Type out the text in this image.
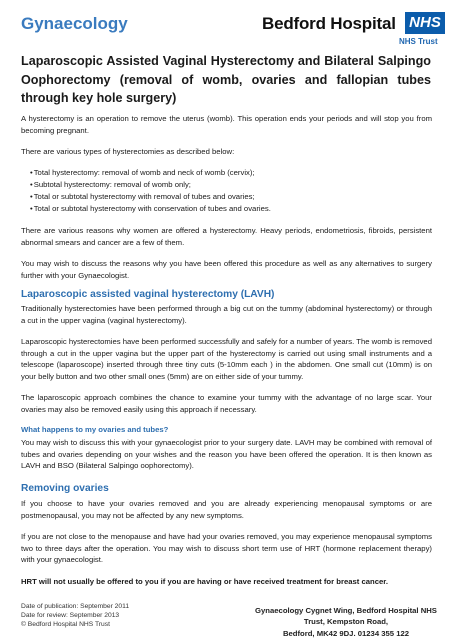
Gynaecology	Bedford Hospital NHS
NHS Trust
Laparoscopic Assisted Vaginal Hysterectomy and Bilateral Salpingo Oophorectomy (removal of womb, ovaries and fallopian tubes through key hole surgery)

A hysterectomy is an operation to remove the uterus (womb). This operation ends your periods and will stop you from becoming pregnant.

There are various types of hysterectomies as described below:

• Total hysterectomy: removal of womb and neck of womb (cervix);
• Subtotal hysterectomy: removal of womb only;
• Total or subtotal hysterectomy with removal of tubes and ovaries;
• Total or subtotal hysterectomy with conservation of tubes and ovaries.

There are various reasons why women are offered a hysterectomy. Heavy periods, endometriosis, fibroids, persistent abnormal smears and cancer are a few of them.

You may wish to discuss the reasons why you have been offered this procedure as well as any alternatives to surgery further with your Gynaecologist.

Laparoscopic assisted vaginal hysterectomy (LAVH)

Traditionally hysterectomies have been performed through a big cut on the tummy (abdominal hysterectomy) or through a cut in the upper vagina (vaginal hysterectomy).

Laparoscopic hysterectomies have been performed successfully and safely for a number of years. The womb is removed through a cut in the upper vagina but the upper part of the hysterectomy is carried out using small instruments and a telescope (laparoscope) inserted through three tiny cuts (5-10mm each ) in the abdomen. One small cut (10mm) is on your belly button and two other small ones (5mm) are on either side of your tummy.

The laparoscopic approach combines the chance to examine your tummy with the advantage of no large scar. Your ovaries may also be removed easily using this approach if necessary.

What happens to my ovaries and tubes?

You may wish to discuss this with your gynaecologist prior to your surgery date. LAVH may be combined with removal of tubes and ovaries depending on your wishes and the reason you have been offered the operation. It is then known as LAVH and BSO (Bilateral Salpingo oophorectomy).

Removing ovaries

If you choose to have your ovaries removed and you are already experiencing menopausal symptoms or are postmenopausal, you may not be affected by any new symptoms.

If you are not close to the menopause and have had your ovaries removed, you may experience menopausal symptoms two to three days after the operation. You may wish to discuss short term use of HRT (hormone replacement therapy) with your gynaecologist.

HRT will not usually be offered to you if you are having or have received treatment for breast cancer.

Date of publication: September 2011
Date for review: September 2013
© Bedford Hospital NHS Trust
Gynaecology Cygnet Wing, Bedford Hospital NHS Trust, Kempston Road,
Bedford, MK42 9DJ. 01234 355 122
